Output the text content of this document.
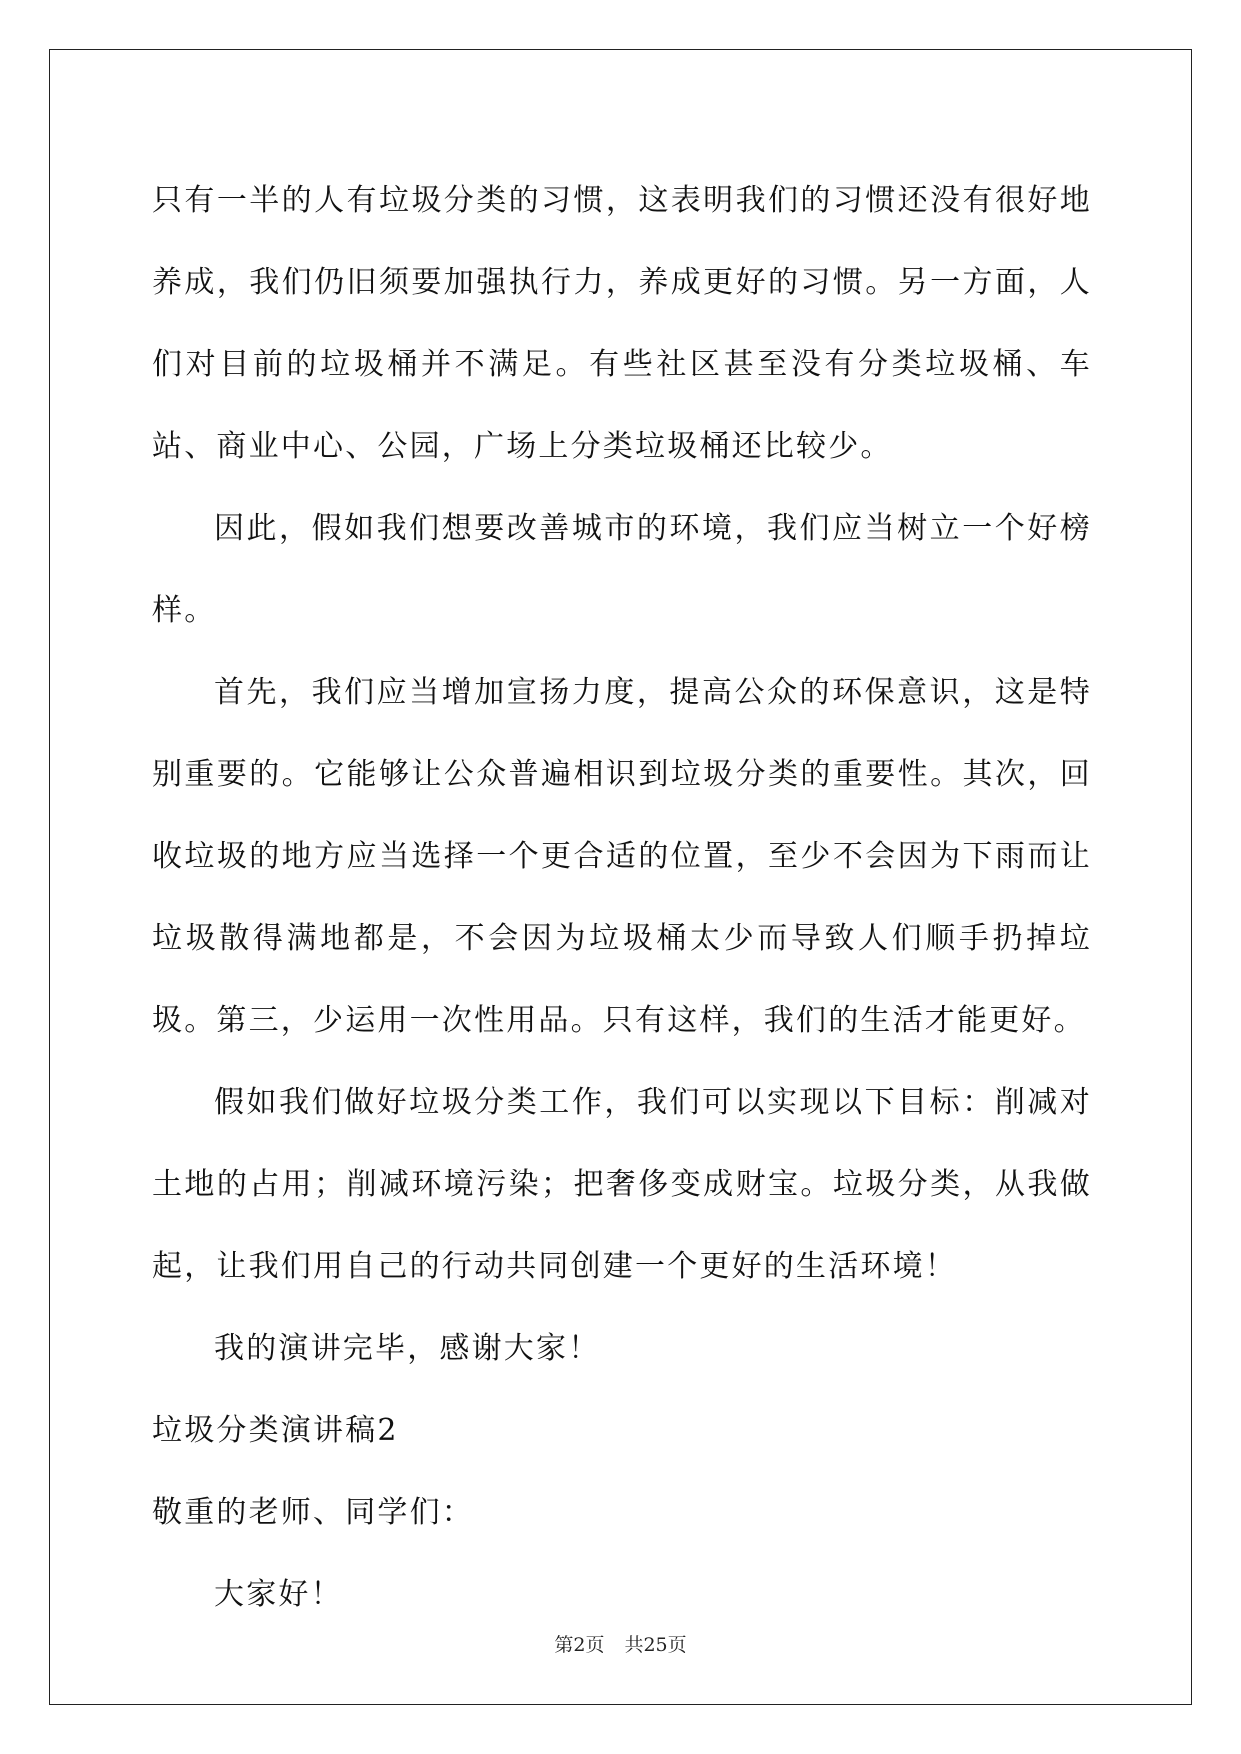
只有一半的人有垃圾分类的习惯，这表明我们的习惯还没有很好地养成，我们仍旧须要加强执行力，养成更好的习惯。另一方面，人们对目前的垃圾桶并不满足。有些社区甚至没有分类垃圾桶、车站、商业中心、公园，广场上分类垃圾桶还比较少。

因此，假如我们想要改善城市的环境，我们应当树立一个好榜样。

首先，我们应当增加宣扬力度，提高公众的环保意识，这是特别重要的。它能够让公众普遍相识到垃圾分类的重要性。其次，回收垃圾的地方应当选择一个更合适的位置，至少不会因为下雨而让垃圾散得满地都是，不会因为垃圾桶太少而导致人们顺手扔掉垃圾。第三，少运用一次性用品。只有这样，我们的生活才能更好。

假如我们做好垃圾分类工作，我们可以实现以下目标：削减对土地的占用；削减环境污染；把奢侈变成财宝。垃圾分类，从我做起，让我们用自己的行动共同创建一个更好的生活环境！

我的演讲完毕，感谢大家！

垃圾分类演讲稿2

敬重的老师、同学们：

大家好！

第2页 共25页
